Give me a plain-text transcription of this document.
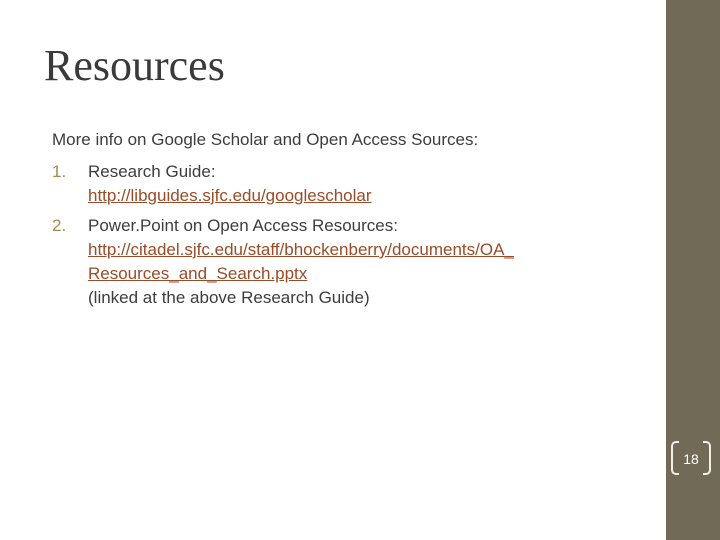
Resources

More info on Google Scholar and Open Access Sources:

1. Research Guide:
http://libguides.sjfc.edu/googlescholar
2. Power.Point on Open Access Resources:
http://citadel.sjfc.edu/staff/bhockenberry/documents/OA_
Resources_and_Search.pptx
(linked at the above Research Guide)
18
